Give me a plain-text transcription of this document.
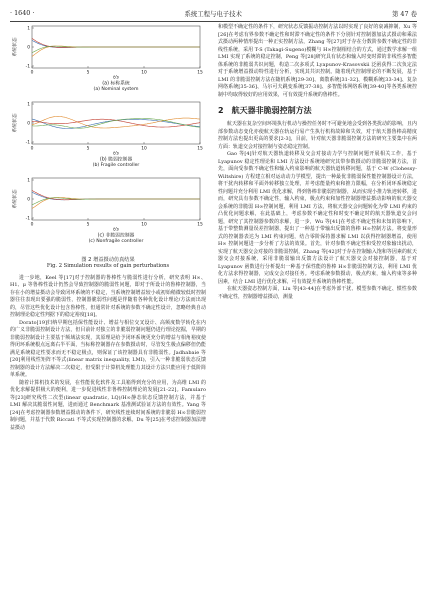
· 1640 ·	系统工程与电子技术	第 47 卷
1
0
-1
0	5	10	15
系统状态
t/s
(a) 标称系统
(a) Nominal system
1
0
-1
0	5	10	15
系统状态
t/s
(b) 脆弱控制器
(b) Fragile controller
1
0
-1
0	5	10	15
系统状态
t/s
(c) 非脆弱控制器
(c) Nonfragile controller
图 2 增益摄动仿真结果
Fig. 2 Simulation results of gain perturbations

进一步地，Keel 等[17]对于控制器的鲁棒性与脆弱性进行分析，研究表明 H∞、H1、μ 等鲁棒性设计仍然会导致控制器的脆弱性问题，即对于所设计的鲁棒控制器，当存在小的增益摄动会导致闭环系统的不稳定，当系统控制增益较小或初始稍微较低时控制器往往表现出要强的脆弱性，控制器脆弱性问题是伴随着各种优化设计理论/方法而出现的，尽管这些优化设计包含鲁棒性，但通常针对系统的参数不确定性设计，忽略经典自动控制理论稳定性判据下的稳定裕度[18]。

Dorato[19]归纳早期包括保性能设计、增益与相位交叉设计、高频度数学转化在内的广义非脆弱控制设计方法，但目前针对独立的非脆弱控制问题仍进行理论挖掘，早期的非脆弱控制设计主要基于频域法实现，其原理是给予闭环系统更充分的增益与相角裕度使得闭环系统根点远离右半平面，当标称控制器存在参数摄动时，尽管发生极点偏移但仍能满足系统稳定性要求而无不稳定极点，则保证了该控制器具有非脆弱性。Jadhabaie 等[20]利用线性矩阵不等式(linear matrix inequality, LMI)，引入一种非脆弱状态反馈控制器的设计方法解决二次稳定，但受限于计算机处理能力其设计方法只能应用于低阶简单系统。

随着计算机技术的发展，在性能优化软件及工具箱得到充分的应用，为高维 LMI 的优化求解提供极大的便利，进一步促进线性非鲁棒控制理论的发展[21-22]。Famularo 等[23]研究线性二次型(linear quadratic, LQ)/H∞静态状态反馈控制方法，并基于 LMI 解决其脆弱性问题，进而通过 Benchmark 基准测试验证方法的有效性。Yang 等[24]在考虑控制器参数增益摄动的条件下，研究线性连续时间系统的非脆弱 H∞非脆弱控制问题，并基于代数 Riccati 不等式实现控制器的求解。Du 等[25]在考虑控制器加法增益摄动

和模型不确定性的条件下，研究状态反馈振动控制方法以时实现了良好的衰减抑制，Xu 等[26]在考虑有界参数不确定性和时滞不确定性的条件下分别针对控制器加法式摄动和乘法式摄动两种情形提出一种正实控制方法，Zhang 等[27]对于存在分数阶参数不确定性的非线性系统，采用 T-S (Takagi-Sugeno)模糊与 H∞控制相结合的方式，通过数学求解一组 LMI 实现了系统的稳定控制，Peng 等[28]研究具有状态和输入时变时滞的非线性多智能体系统的非脆弱共识问题，构造二次多项式 Lyapunov-Krasovskii 泛函获得二次负定法对于系统增益摄动特性进行分析，实现其共识控制。随着现代控制理论的不断发展，基于 LMI 的非脆弱控制方法在随机系统[29-30]、离散系统[31-32]、模糊系统[33-34]、复杂网络系统[35-36]、马尔可夫跳变系统[37-38]、多智能体网络系统[39-40]等各类系统控制中均取得较好的应用效果，可有效提升系统的鲁棒性。

2 航天器非脆弱控制方法

航天器在复杂空间环境执行机动与操控任务时不可避免地会受到各类扰动的影响，且内部参数动态变化亦使航天器在轨运行易产生执行机构故障和失效，对于航天器鲁棒高精度控制方法也提出更高的要求[2-3]，目前，针对航天器非脆弱控制方法的研究主要集中在两方面：轨道交会对接控制与姿态稳定控制。

Gao 等[4]针对航天器轨道转移及交会对接动力学与控制问题开展相关工作，基于 Lyapunov 稳定性理论和 LMI 方法设计系统地研究其带参数摄动的非脆弱控制方法，首先，面向受参数不确定性和输入约束影响的航天器轨道转移问题，基于 C-W (Clohessy-Wiltshire) 方程建立相对运动动力学模型，提出一种最优非脆弱保性能控制器设计方法，将干扰内转移和平面外转移独立处理，并考虑能量约束和推力限幅，在分析闭环系统稳定性问题并充分利用 LMI 优化求解，得到鲁棒非脆弱控制器，从而实现小推力轨迹转移，进而，研究具有参数不确定性，输入约束，极点约束和加性控制器增益摄动影响的航天器交会系统的非脆弱 H∞控制问题，利用 LMI 方法，将航天器交会问题转化为带 LMI 约束的凸优化问题求解，在此基础上，考虑参数不确定性和时变不确定时的航天器轨道交会问题，研究了其控制器参数的求解，进一步，Wu 等[41]在考虑不确定性和未知的影响下，基于带整数测量误差控制器，提出了一种基于带输出反馈的鲁棒 H∞控制方法。将变量形式的控制器表达为 LMI 约束问题，结合零阶保持器求解 LMI 以获得控制器增益，使用 H∞ 控制问题进一步分析了方法的效果。首先，针对参数不确定性和受控对象输出扰动，实现了航天器交会对接的非脆弱控制，Zhang 等[42]对于存在控制输入饱和等因素的航天器交会对接系统，采用非脆弱输出反馈方法设计了航天器交会对接控制器，基于对 Lyapunov 函数进行分析提出一种基于保性能的鲁棒 H∞非脆弱控制方法，利用 LMI 优化方法求得控制器，完成交会对接任务。考虑系统参数摄动，极点约束，输入约束等多种因素，结合 LMI 进行优化求解，可有效提升系统的鲁棒性能。

在航天器姿态控制方面，Liu 等[43-44]在考虑外部干扰、模型参数不确定、惯性参数不确定性，控制器增益摄动，测量
